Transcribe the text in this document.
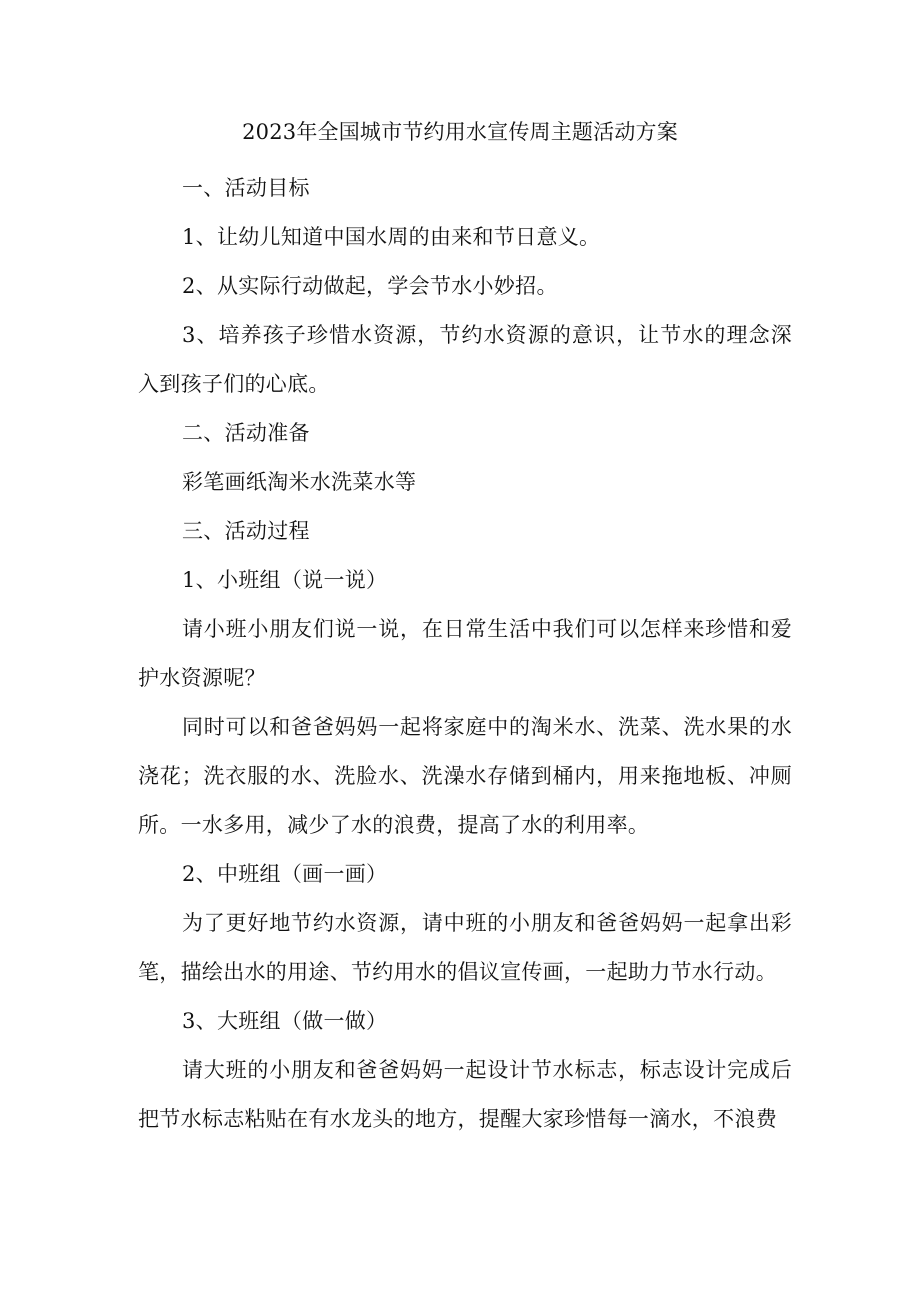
2023年全国城市节约用水宣传周主题活动方案

一、活动目标

1、让幼儿知道中国水周的由来和节日意义。

2、从实际行动做起，学会节水小妙招。

3、培养孩子珍惜水资源，节约水资源的意识，让节水的理念深入到孩子们的心底。

二、活动准备

彩笔画纸淘米水洗菜水等

三、活动过程

1、小班组（说一说）

请小班小朋友们说一说，在日常生活中我们可以怎样来珍惜和爱护水资源呢？

同时可以和爸爸妈妈一起将家庭中的淘米水、洗菜、洗水果的水浇花；洗衣服的水、洗脸水、洗澡水存储到桶内，用来拖地板、冲厕所。一水多用，减少了水的浪费，提高了水的利用率。

2、中班组（画一画）

为了更好地节约水资源，请中班的小朋友和爸爸妈妈一起拿出彩笔，描绘出水的用途、节约用水的倡议宣传画，一起助力节水行动。

3、大班组（做一做）

请大班的小朋友和爸爸妈妈一起设计节水标志，标志设计完成后把节水标志粘贴在有水龙头的地方，提醒大家珍惜每一滴水，不浪费
